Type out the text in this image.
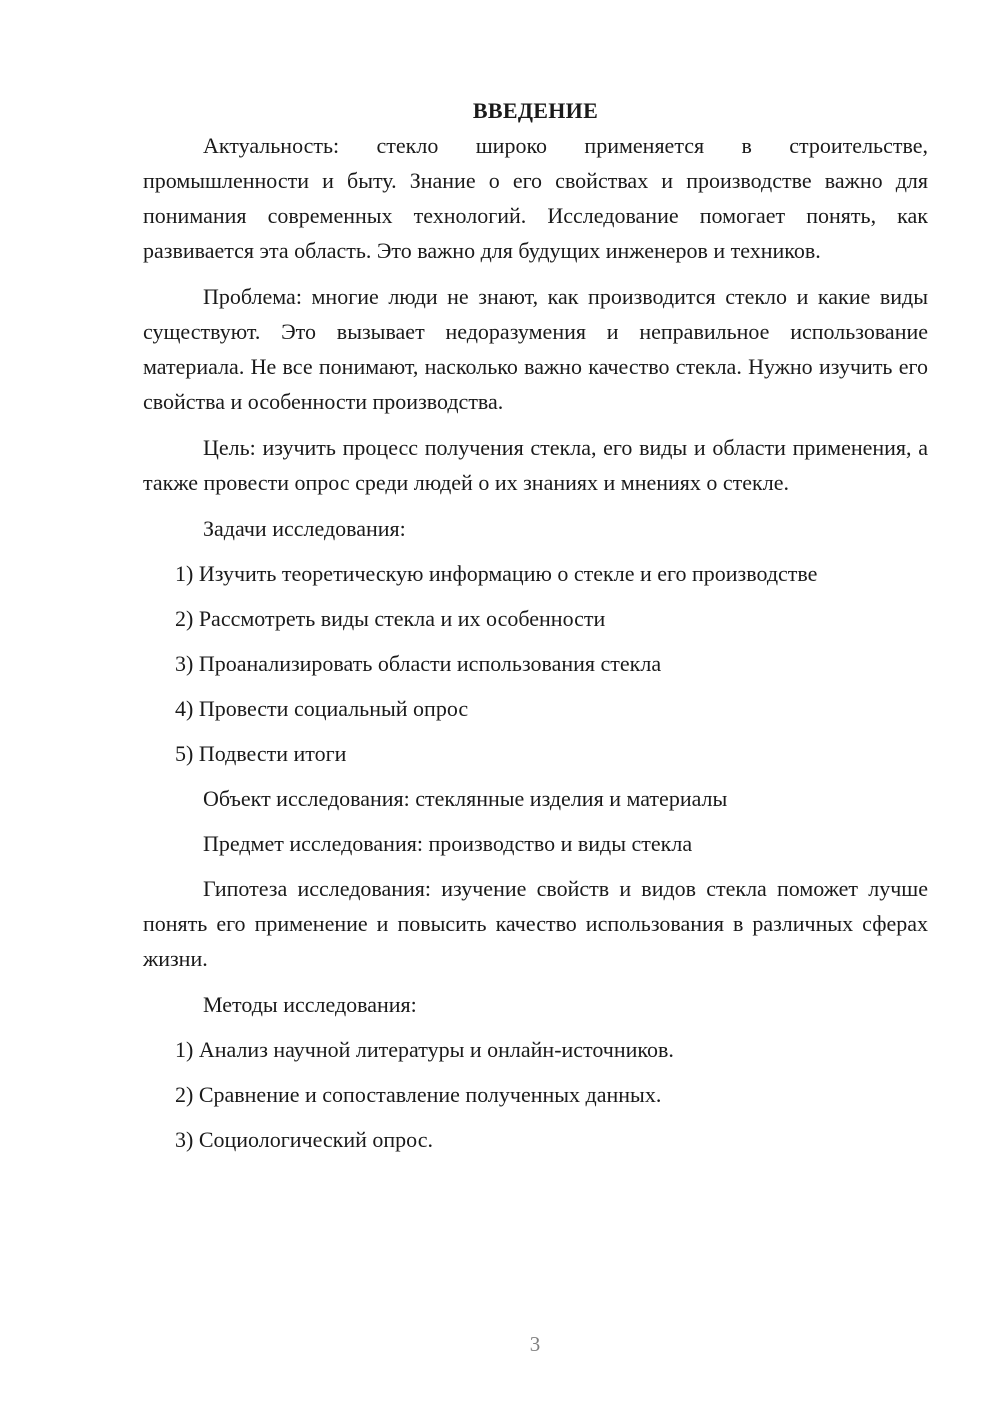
ВВЕДЕНИЕ

Актуальность: стекло широко применяется в строительстве, промышленности и быту. Знание о его свойствах и производстве важно для понимания современных технологий. Исследование помогает понять, как развивается эта область. Это важно для будущих инженеров и техников.

Проблема: многие люди не знают, как производится стекло и какие виды существуют. Это вызывает недоразумения и неправильное использование материала. Не все понимают, насколько важно качество стекла. Нужно изучить его свойства и особенности производства.

Цель: изучить процесс получения стекла, его виды и области применения, а также провести опрос среди людей о их знаниях и мнениях о стекле.

Задачи исследования:

1) Изучить теоретическую информацию о стекле и его производстве

2) Рассмотреть виды стекла и их особенности

3) Проанализировать области использования стекла

4) Провести социальный опрос

5) Подвести итоги

Объект исследования: стеклянные изделия и материалы

Предмет исследования: производство и виды стекла

Гипотеза исследования: изучение свойств и видов стекла поможет лучше понять его применение и повысить качество использования в различных сферах жизни.

Методы исследования:

1) Анализ научной литературы и онлайн-источников.

2) Сравнение и сопоставление полученных данных.

3) Социологический опрос.

3
